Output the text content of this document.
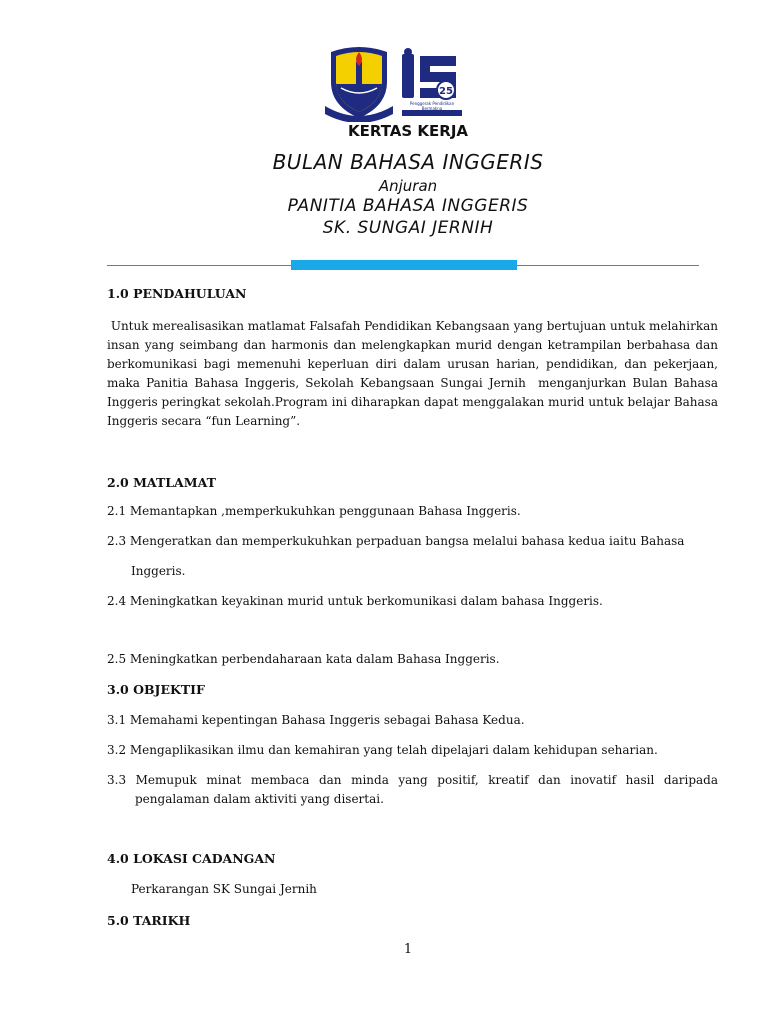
25
Penggerak Pendidikan Bermakna
KERTAS KERJA
BULAN BAHASA INGGERIS
Anjuran
PANITIA BAHASA INGGERIS
SK. SUNGAI JERNIH
1.0 PENDAHULUAN

Untuk merealisasikan matlamat Falsafah Pendidikan Kebangsaan yang bertujuan untuk melahirkan insan yang seimbang dan harmonis dan melengkapkan murid dengan ketrampilan berbahasa dan berkomunikasi bagi memenuhi keperluan diri dalam urusan harian, pendidikan, dan pekerjaan, maka Panitia Bahasa Inggeris, Sekolah Kebangsaan Sungai Jernih  menganjurkan Bulan Bahasa Inggeris peringkat sekolah.Program ini diharapkan dapat menggalakan murid untuk belajar Bahasa Inggeris secara “fun Learning”.

2.0 MATLAMAT

2.1 Memantapkan ,memperkukuhkan penggunaan Bahasa Inggeris.

2.3 Mengeratkan dan memperkukuhkan perpaduan bangsa melalui bahasa kedua iaitu Bahasa

Inggeris.

2.4 Meningkatkan keyakinan murid untuk berkomunikasi dalam bahasa Inggeris.

2.5 Meningkatkan perbendaharaan kata dalam Bahasa Inggeris.

3.0 OBJEKTIF

3.1 Memahami kepentingan Bahasa Inggeris sebagai Bahasa Kedua.

3.2 Mengaplikasikan ilmu dan kemahiran yang telah dipelajari dalam kehidupan seharian.

3.3 Memupuk minat membaca dan minda yang positif, kreatif dan inovatif hasil daripada pengalaman dalam aktiviti yang disertai.

4.0 LOKASI CADANGAN

Perkarangan SK Sungai Jernih

5.0 TARIKH
1
